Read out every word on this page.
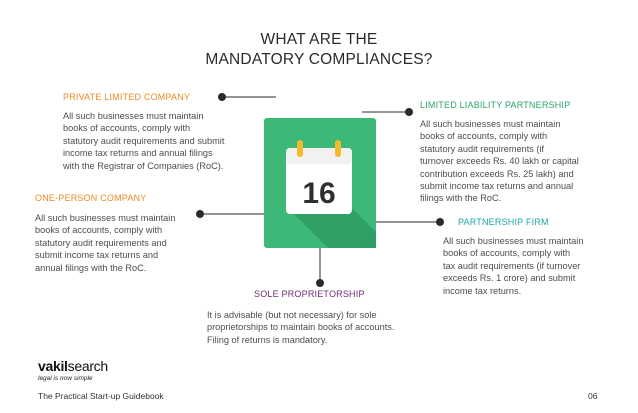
WHAT ARE THE
MANDATORY COMPLIANCES?
16
PRIVATE LIMITED COMPANY
All such businesses must maintain
books of accounts, comply with
statutory audit requirements and submit
income tax returns and annual filings
with the Registrar of Companies (RoC).
ONE-PERSON COMPANY
All such businesses must maintain
books of accounts, comply with
statutory audit requirements and
submit income tax returns and
annual filings with the RoC.
LIMITED LIABILITY PARTNERSHIP
All such businesses must maintain
books of accounts, comply with
statutory audit requirements (if
turnover exceeds Rs. 40 lakh or capital
contribution exceeds Rs. 25 lakh) and
submit income tax returns and annual
filings with the RoC.
PARTNERSHIP FIRM
All such businesses must maintain
books of accounts, comply with
tax audit requirements (if turnover
exceeds Rs. 1 crore) and submit
income tax returns.
SOLE PROPRIETORSHIP
It is advisable (but not necessary) for sole
proprietorships to maintain books of accounts.
Filing of returns is mandatory.
vakilsearch
legal is now simple
The Practical Start-up Guidebook	06
